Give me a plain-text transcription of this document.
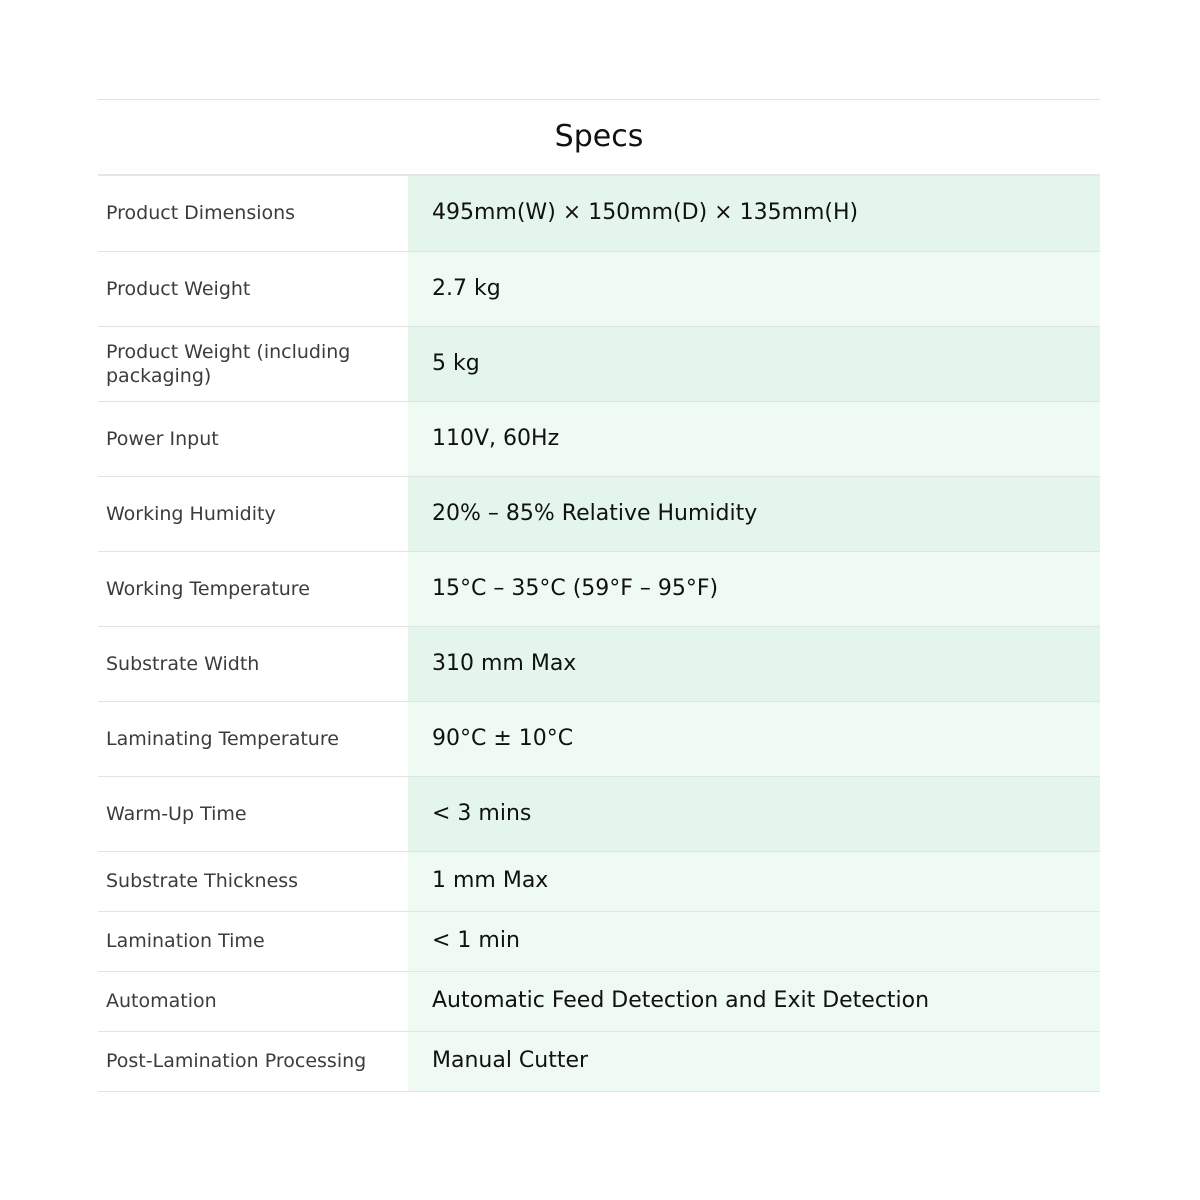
Specs
Product Dimensions	495mm(W) × 150mm(D) × 135mm(H)
Product Weight	2.7 kg
Product Weight (including packaging)	5 kg
Power Input	110V, 60Hz
Working Humidity	20% – 85% Relative Humidity
Working Temperature	15°C – 35°C (59°F – 95°F)
Substrate Width	310 mm Max
Laminating Temperature	90°C ± 10°C
Warm-Up Time	< 3 mins
Substrate Thickness	1 mm Max
Lamination Time	< 1 min
Automation	Automatic Feed Detection and Exit Detection
Post-Lamination Processing	Manual Cutter
